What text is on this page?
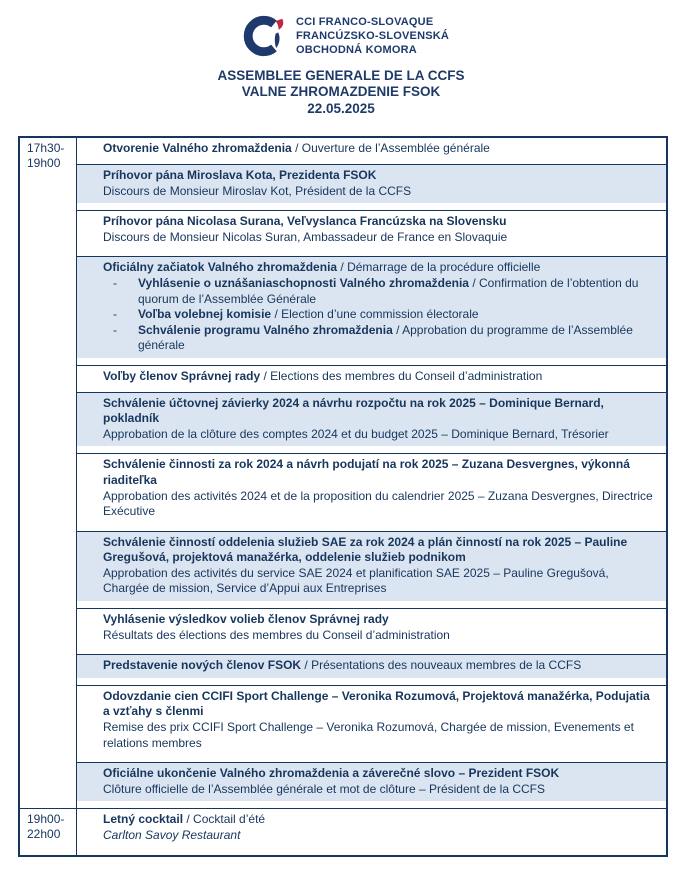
CCI FRANCO-SLOVAQUE
FRANCÚZSKO-SLOVENSKÁ
OBCHODNÁ KOMORA
ASSEMBLEE GENERALE DE LA CCFS
VALNE ZHROMAZDENIE FSOK
22.05.2025
17h30-
19h00
Otvorenie Valného zhromaždenia / Ouverture de l’Assemblée générale
Príhovor pána Miroslava Kota, Prezidenta FSOK
Discours de Monsieur Miroslav Kot, Président de la CCFS
Príhovor pána Nicolasa Surana, Veľvyslanca Francúzska na Slovensku
Discours de Monsieur Nicolas Suran, Ambassadeur de France en Slovaquie
Oficiálny začiatok Valného zhromaždenia / Démarrage de la procédure officielle
-	Vyhlásenie o uznášaniaschopnosti Valného zhromaždenia / Confirmation de l’obtention du quorum de l’Assemblée Générale
-	Voľba volebnej komisie / Election d’une commission électorale
-	Schválenie programu Valného zhromaždenia / Approbation du programme de l’Assemblée générale
Voľby členov Správnej rady / Elections des membres du Conseil d’administration
Schválenie účtovnej závierky 2024 a návrhu rozpočtu na rok 2025 – Dominique Bernard, pokladník
Approbation de la clôture des comptes 2024 et du budget 2025 – Dominique Bernard, Trésorier
Schválenie činnosti za rok 2024 a návrh podujatí na rok 2025 – Zuzana Desvergnes, výkonná riaditeľka
Approbation des activités 2024 et de la proposition du calendrier 2025 – Zuzana Desvergnes, Directrice Exécutive
Schválenie činností oddelenia služieb SAE za rok 2024 a plán činností na rok 2025 – Pauline Gregušová, projektová manažérka, oddelenie služieb podnikom
Approbation des activités du service SAE 2024 et planification SAE 2025 – Pauline Gregušová, Chargée de mission, Service d’Appui aux Entreprises
Vyhlásenie výsledkov volieb členov Správnej rady
Résultats des élections des membres du Conseil d’administration
Predstavenie nových členov FSOK / Présentations des nouveaux membres de la CCFS
Odovzdanie cien CCIFI Sport Challenge – Veronika Rozumová, Projektová manažérka, Podujatia a vzťahy s členmi
Remise des prix CCIFI Sport Challenge – Veronika Rozumová, Chargée de mission, Evenements et relations membres
Oficiálne ukončenie Valného zhromaždenia a záverečné slovo – Prezident FSOK
Clôture officielle de l’Assemblée générale et mot de clôture – Président de la CCFS
19h00-
22h00
Letný cocktail / Cocktail d’été
Carlton Savoy Restaurant
